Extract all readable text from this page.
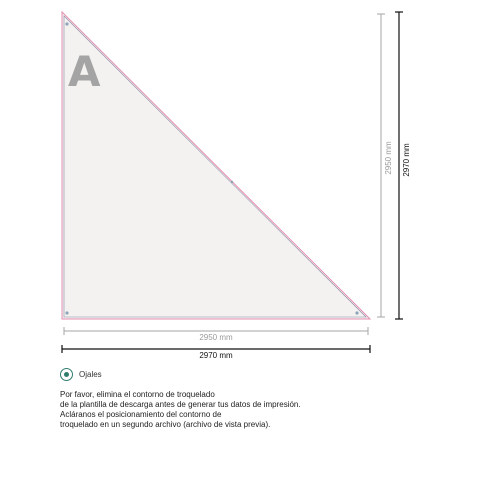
A
2950 mm
2970 mm
2950 mm 2970 mm
Ojales
Por favor, elimina el contorno de troquelado
de la plantilla de descarga antes de generar tus datos de impresión.
Acláranos el posicionamiento del contorno de
troquelado en un segundo archivo (archivo de vista previa).
